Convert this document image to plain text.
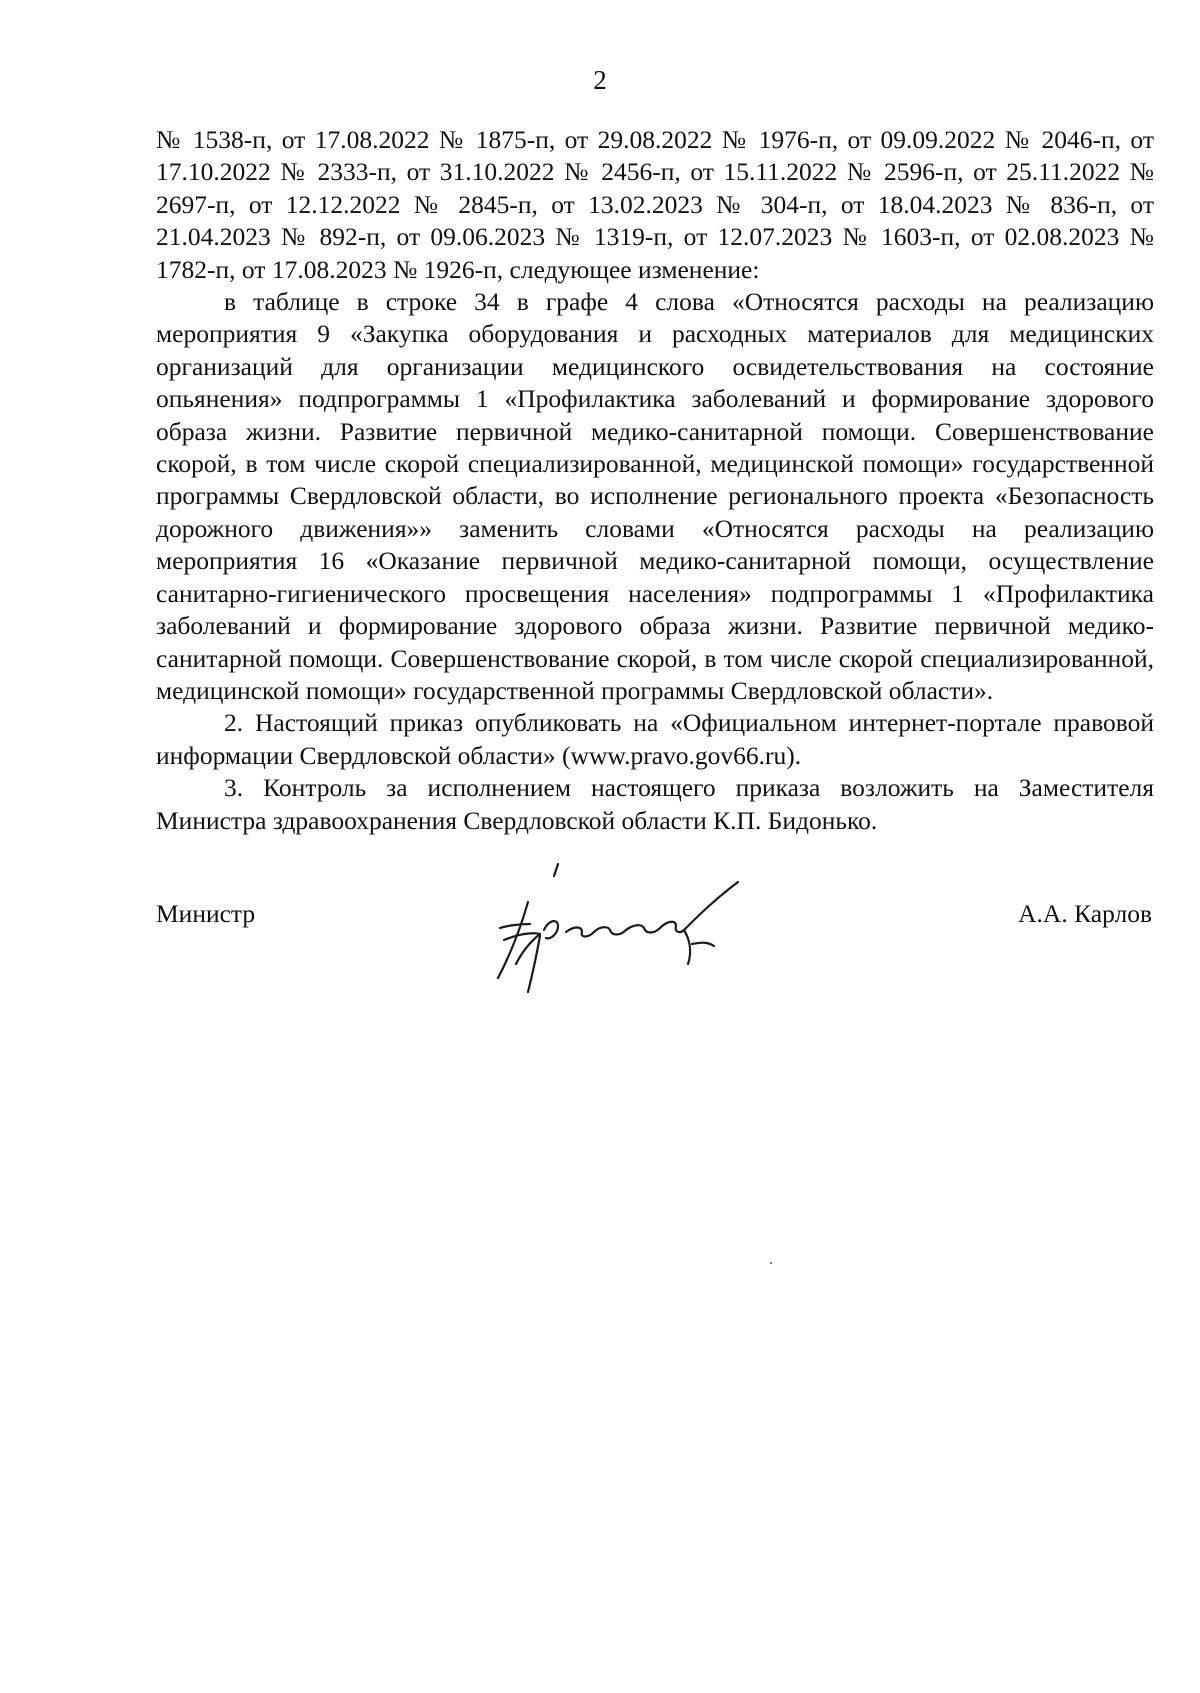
2

№ 1538-п, от 17.08.2022 № 1875-п, от 29.08.2022 № 1976-п, от 09.09.2022 № 2046-п, от 17.10.2022 № 2333-п, от 31.10.2022 № 2456-п, от 15.11.2022 № 2596-п, от 25.11.2022 № 2697-п, от 12.12.2022 № 2845-п, от 13.02.2023 № 304-п, от 18.04.2023 № 836-п, от 21.04.2023 № 892-п, от 09.06.2023 № 1319-п, от 12.07.2023 № 1603-п, от 02.08.2023 № 1782-п, от 17.08.2023 № 1926-п, следующее изменение:

в таблице в строке 34 в графе 4 слова «Относятся расходы на реализацию мероприятия 9 «Закупка оборудования и расходных материалов для медицинских организаций для организации медицинского освидетельствования на состояние опьянения» подпрограммы 1 «Профилактика заболеваний и формирование здорового образа жизни. Развитие первичной медико-санитарной помощи. Совершенствование скорой, в том числе скорой специализированной, медицинской помощи» государственной программы Свердловской области, во исполнение регионального проекта «Безопасность дорожного движения»» заменить словами «Относятся расходы на реализацию мероприятия 16 «Оказание первичной медико-санитарной помощи, осуществление санитарно-гигиенического просвещения населения» подпрограммы 1 «Профилактика заболеваний и формирование здорового образа жизни. Развитие первичной медико-санитарной помощи. Совершенствование скорой, в том числе скорой специализированной, медицинской помощи» государственной программы Свердловской области».

2. Настоящий приказ опубликовать на «Официальном интернет-портале правовой информации Свердловской области» (www.pravo.gov66.ru).

3. Контроль за исполнением настоящего приказа возложить на Заместителя Министра здравоохранения Свердловской области К.П. Бидонько.

Министр	А.А. Карлов
